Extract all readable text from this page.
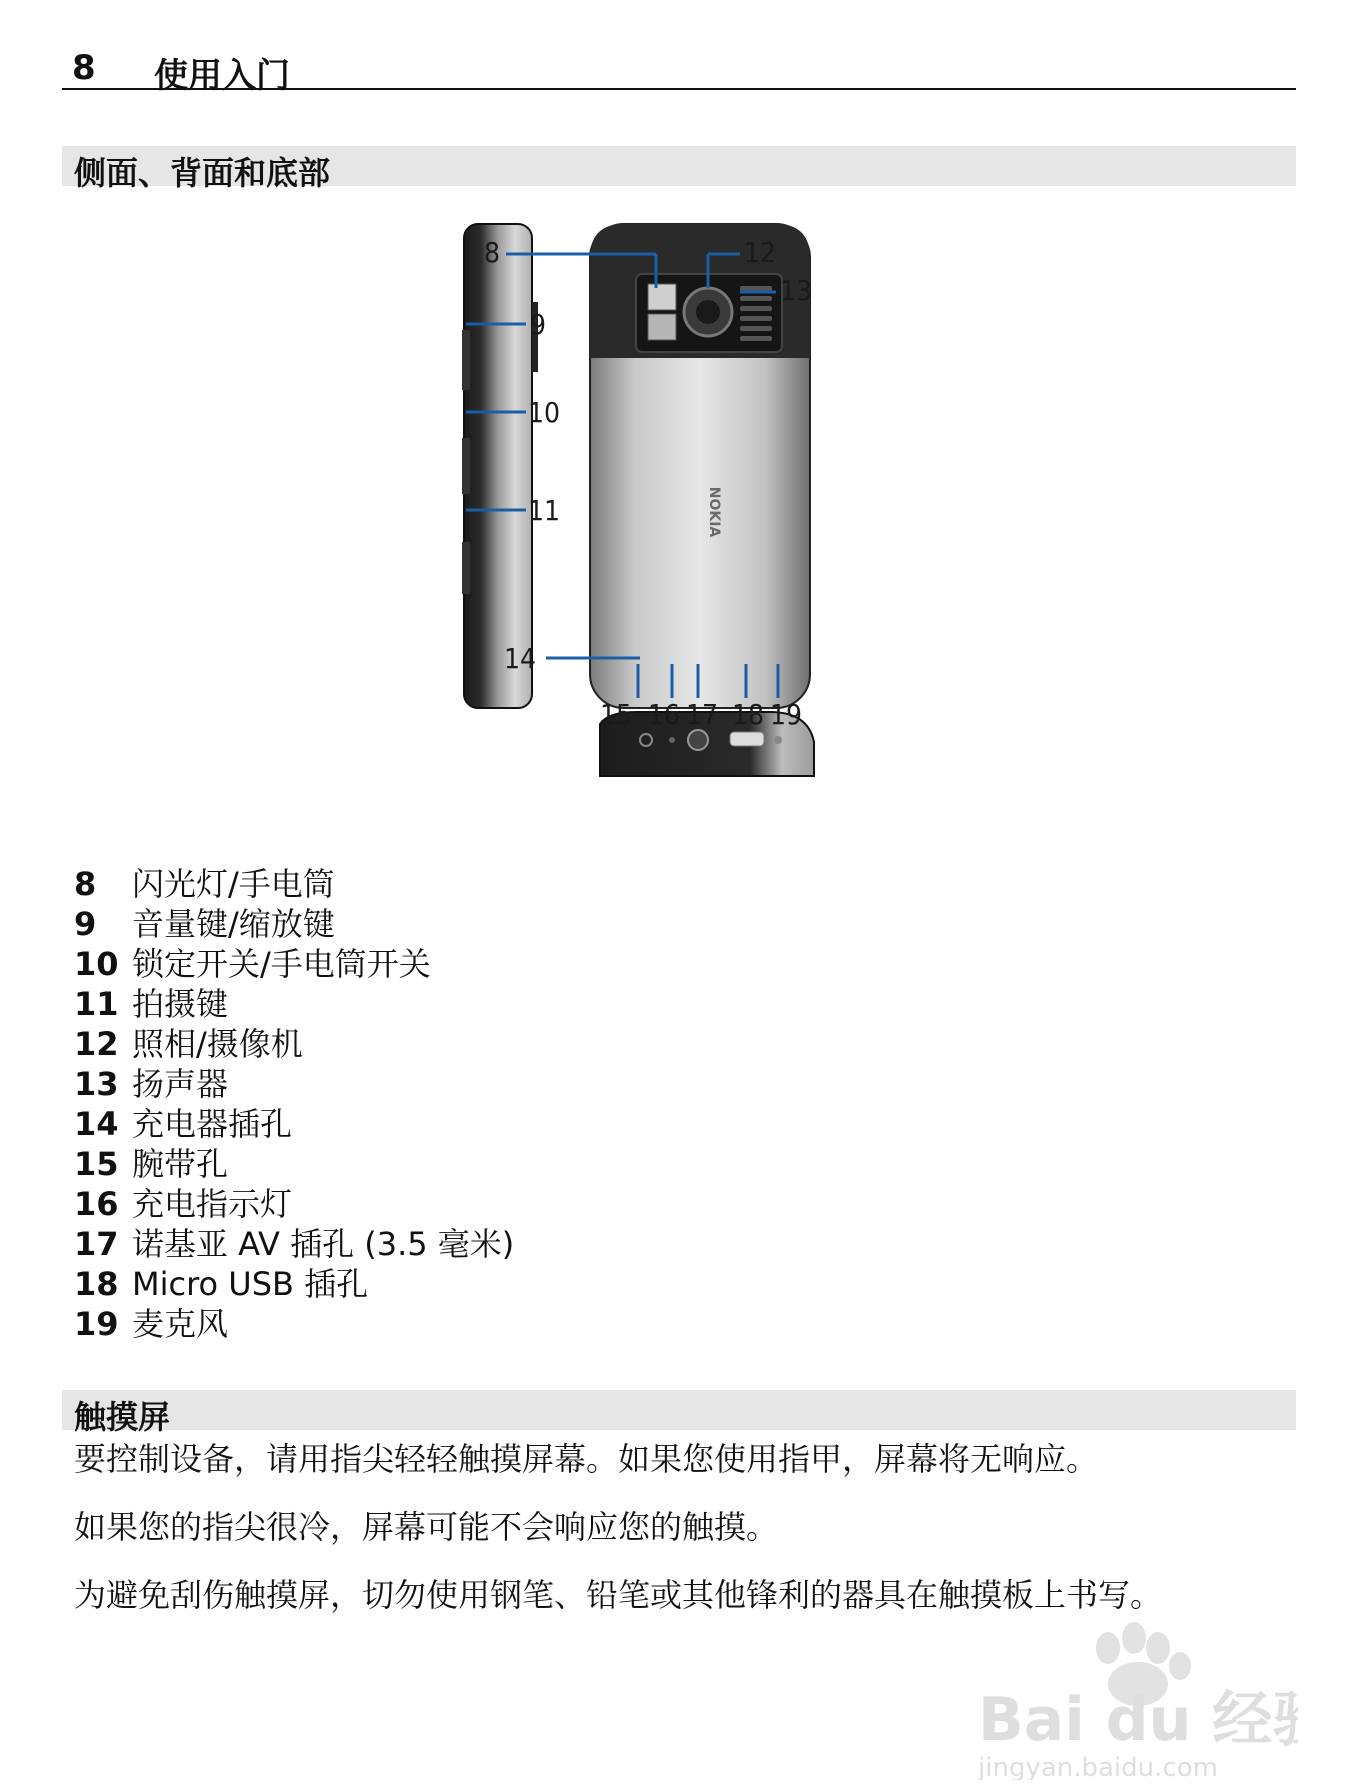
8 使用入门
侧面、背面和底部
NOKIA
8
9
10
11
12
13
14
15 16 17 18 19
8 闪光灯/手电筒
9 音量键/缩放键
10 锁定开关/手电筒开关
11 拍摄键
12 照相/摄像机
13 扬声器
14 充电器插孔
15 腕带孔
16 充电指示灯
17 诺基亚 AV 插孔 (3.5 毫米)
18 Micro USB 插孔
19 麦克风
触摸屏
要控制设备，请用指尖轻轻触摸屏幕。如果您使用指甲，屏幕将无响应。
如果您的指尖很冷，屏幕可能不会响应您的触摸。
为避免刮伤触摸屏，切勿使用钢笔、铅笔或其他锋利的器具在触摸板上书写。
Bai du 经验
jingyan.baidu.com
